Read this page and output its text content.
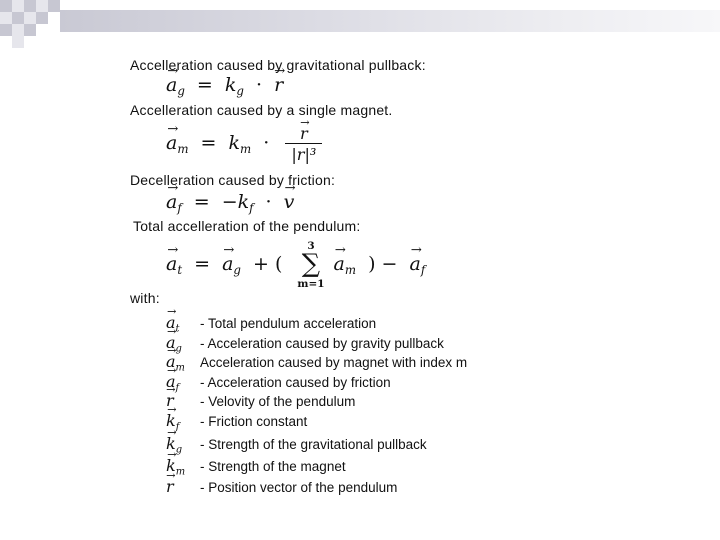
Accelleration caused by gravitational pullback:
→ $a_g = k_g$ · → r
Accelleration caused by a single magnet.
→ $a_m = k_m$ · → $\frac{r}{\text{|r|³}}$
Decelleration caused by friction:
→ $a_f = -k_f$ · → v
Total accelleration of the pendulum:
→ $a_t$ = → $a_g$ + (
3
∑
m=1
→ $a_m$ ) − → $a_f$
with:
→ $a_t$ - Total pendulum acceleration
→ $a_g$ - Acceleration caused by gravity pullback
→ $a_mAcceleration$ caused by magnet with index m
→ $a_f$ - Acceleration caused by friction
→ r- Velovity of the pendulum
→ $k_f$ - Friction constant
→ $k_g$ - Strength of the gravitational pullback
→ $k_m-$ Strength of the magnet
→ r - Position vector of the pendulum
